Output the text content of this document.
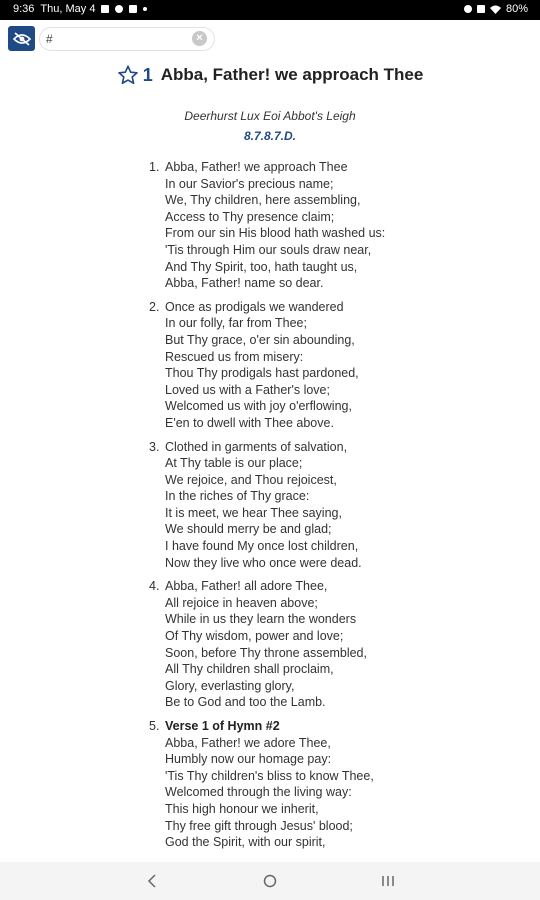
9:36 Thu, May 4	80%
#
×
1 Abba, Father! we approach Thee
Deerhurst Lux Eoi Abbot's Leigh
8.7.8.7.D.
1. Abba, Father! we approach Thee
In our Savior's precious name;
We, Thy children, here assembling,
Access to Thy presence claim;
From our sin His blood hath washed us:
'Tis through Him our souls draw near,
And Thy Spirit, too, hath taught us,
Abba, Father! name so dear.
2. Once as prodigals we wandered
In our folly, far from Thee;
But Thy grace, o'er sin abounding,
Rescued us from misery:
Thou Thy prodigals hast pardoned,
Loved us with a Father's love;
Welcomed us with joy o'erflowing,
E'en to dwell with Thee above.
3. Clothed in garments of salvation,
At Thy table is our place;
We rejoice, and Thou rejoicest,
In the riches of Thy grace:
It is meet, we hear Thee saying,
We should merry be and glad;
I have found My once lost children,
Now they live who once were dead.
4. Abba, Father! all adore Thee,
All rejoice in heaven above;
While in us they learn the wonders
Of Thy wisdom, power and love;
Soon, before Thy throne assembled,
All Thy children shall proclaim,
Glory, everlasting glory,
Be to God and too the Lamb.
5. Verse 1 of Hymn #2
Abba, Father! we adore Thee,
Humbly now our homage pay:
'Tis Thy children's bliss to know Thee,
Welcomed through the living way:
This high honour we inherit,
Thy free gift through Jesus' blood;
God the Spirit, with our spirit,
